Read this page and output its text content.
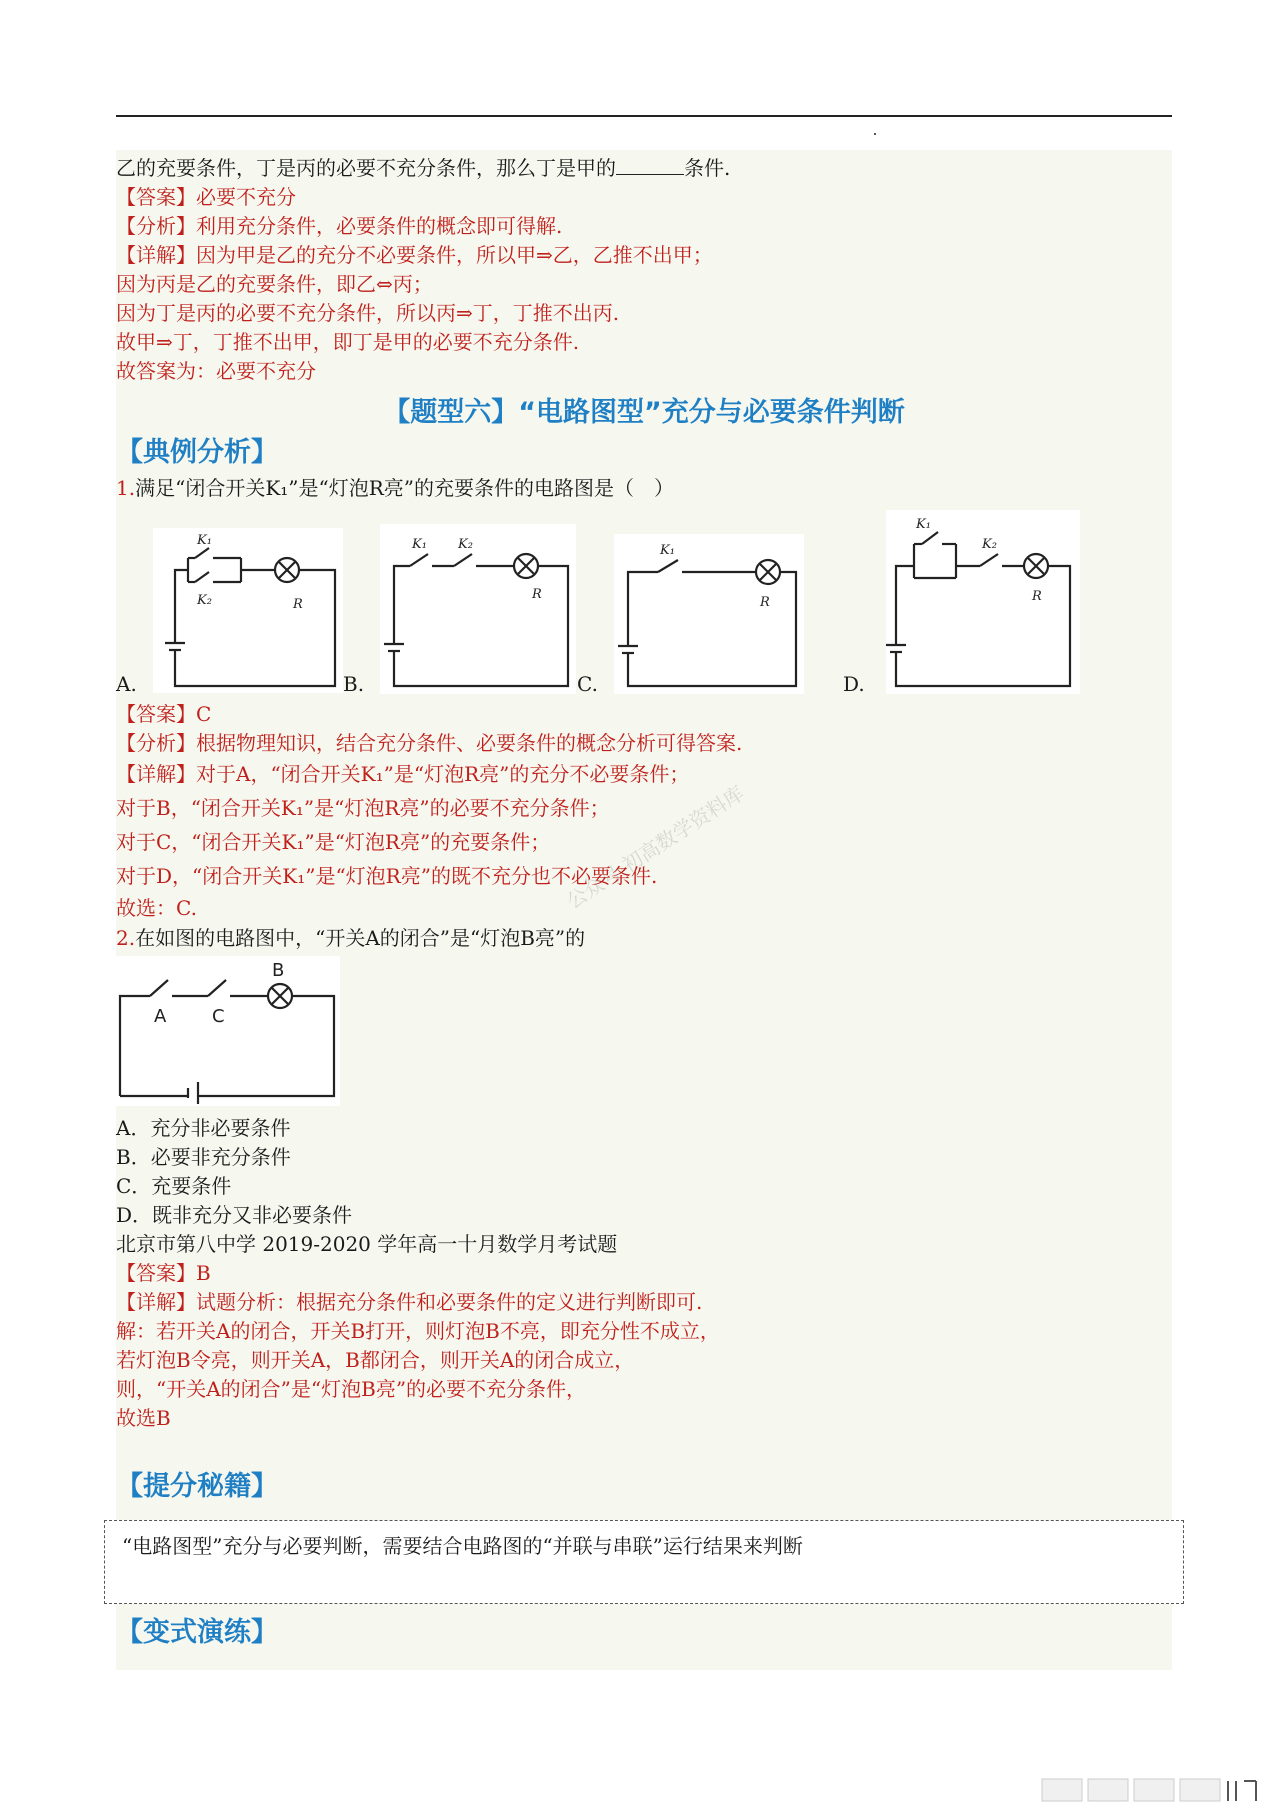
乙的充要条件，丁是丙的必要不充分条件，那么丁是甲的	条件.
【答案】必要不充分
【分析】利用充分条件，必要条件的概念即可得解.
【详解】因为甲是乙的充分不必要条件，所以甲⇒乙，乙推不出甲；
因为丙是乙的充要条件，即乙⇔丙；
因为丁是丙的必要不充分条件，所以丙⇒丁，丁推不出丙.
故甲⇒丁，丁推不出甲，即丁是甲的必要不充分条件.
故答案为：必要不充分
【题型六】“电路图型”充分与必要条件判断
【典例分析】
1.满足“闭合开关K₁”是“灯泡R亮”的充要条件的电路图是（　）
K₁
K₂	R
A.
K₁ K₂
R
B.
K₁
R
C.
K₁
K₂
R
D.
【答案】C
【分析】根据物理知识，结合充分条件、必要条件的概念分析可得答案.
【详解】对于A，“闭合开关K₁”是“灯泡R亮”的充分不必要条件；
对于B，“闭合开关K₁”是“灯泡R亮”的必要不充分条件；
对于C，“闭合开关K₁”是“灯泡R亮”的充要条件；
对于D，“闭合开关K₁”是“灯泡R亮”的既不充分也不必要条件.
故选：C.
2.在如图的电路图中，“开关A的闭合”是“灯泡B亮”的
A	C
B
A．充分非必要条件
B．必要非充分条件
C．充要条件
D．既非充分又非必要条件
北京市第八中学 2019-2020 学年高一十月数学月考试题
【答案】B
【详解】试题分析：根据充分条件和必要条件的定义进行判断即可.
解：若开关A的闭合，开关B打开，则灯泡B不亮，即充分性不成立，
若灯泡B令亮，则开关A，B都闭合，则开关A的闭合成立，
则，“开关A的闭合”是“灯泡B亮”的必要不充分条件，
故选B
【提分秘籍】
“电路图型”充分与必要判断，需要结合电路图的“并联与串联”运行结果来判断
【变式演练】
公众号·初高数学资料库
